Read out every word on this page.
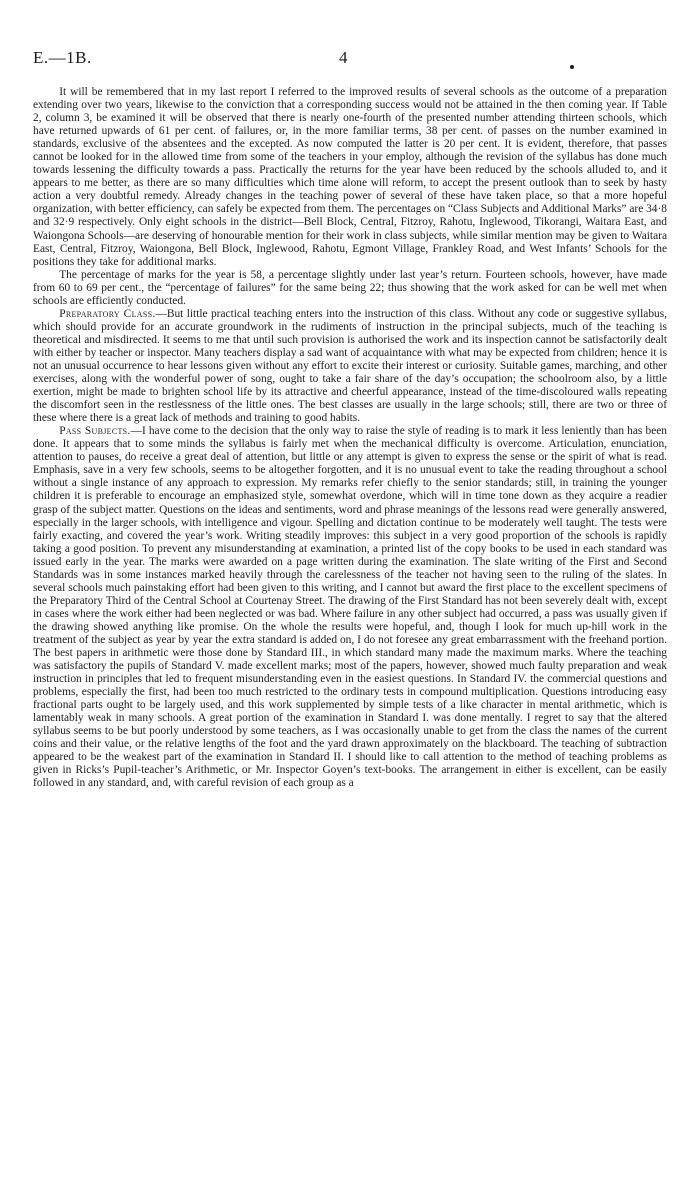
E.—1B.	4

It will be remembered that in my last report I referred to the improved results of several schools as the outcome of a preparation extending over two years, likewise to the conviction that a corresponding success would not be attained in the then coming year. If Table 2, column 3, be examined it will be observed that there is nearly one-fourth of the presented number attending thirteen schools, which have returned upwards of 61 per cent. of failures, or, in the more familiar terms, 38 per cent. of passes on the number examined in standards, exclusive of the absentees and the excepted. As now computed the latter is 20 per cent. It is evident, therefore, that passes cannot be looked for in the allowed time from some of the teachers in your employ, although the revision of the syllabus has done much towards lessening the difficulty towards a pass. Practically the returns for the year have been reduced by the schools alluded to, and it appears to me better, as there are so many difficulties which time alone will reform, to accept the present outlook than to seek by hasty action a very doubtful remedy. Already changes in the teaching power of several of these have taken place, so that a more hopeful organization, with better efficiency, can safely be expected from them. The percentages on “Class Subjects and Additional Marks” are 34·8 and 32·9 respectively. Only eight schools in the district—Bell Block, Central, Fitzroy, Rahotu, Inglewood, Tikorangi, Waitara East, and Waiongona Schools—are deserving of honourable mention for their work in class subjects, while similar mention may be given to Waitara East, Central, Fitzroy, Waiongona, Bell Block, Inglewood, Rahotu, Egmont Village, Frankley Road, and West Infants’ Schools for the positions they take for additional marks.

The percentage of marks for the year is 58, a percentage slightly under last year’s return. Fourteen schools, however, have made from 60 to 69 per cent., the “percentage of failures” for the same being 22; thus showing that the work asked for can be well met when schools are efficiently conducted.

Preparatory Class.—But little practical teaching enters into the instruction of this class. Without any code or suggestive syllabus, which should provide for an accurate groundwork in the rudiments of instruction in the principal subjects, much of the teaching is theoretical and misdirected. It seems to me that until such provision is authorised the work and its inspection cannot be satisfactorily dealt with either by teacher or inspector. Many teachers display a sad want of acquaintance with what may be expected from children; hence it is not an unusual occurrence to hear lessons given without any effort to excite their interest or curiosity. Suitable games, marching, and other exercises, along with the wonderful power of song, ought to take a fair share of the day’s occupation; the schoolroom also, by a little exertion, might be made to brighten school life by its attractive and cheerful appearance, instead of the time-discoloured walls repeating the discomfort seen in the restlessness of the little ones. The best classes are usually in the large schools; still, there are two or three of these where there is a great lack of methods and training to good habits.

Pass Subjects.—I have come to the decision that the only way to raise the style of reading is to mark it less leniently than has been done. It appears that to some minds the syllabus is fairly met when the mechanical difficulty is overcome. Articulation, enunciation, attention to pauses, do receive a great deal of attention, but little or any attempt is given to express the sense or the spirit of what is read. Emphasis, save in a very few schools, seems to be altogether forgotten, and it is no unusual event to take the reading throughout a school without a single instance of any approach to expression. My remarks refer chiefly to the senior standards; still, in training the younger children it is preferable to encourage an emphasized style, somewhat overdone, which will in time tone down as they acquire a readier grasp of the subject matter. Questions on the ideas and sentiments, word and phrase meanings of the lessons read were generally answered, especially in the larger schools, with intelligence and vigour. Spelling and dictation continue to be moderately well taught. The tests were fairly exacting, and covered the year’s work. Writing steadily improves: this subject in a very good proportion of the schools is rapidly taking a good position. To prevent any misunderstanding at examination, a printed list of the copy books to be used in each standard was issued early in the year. The marks were awarded on a page written during the examination. The slate writing of the First and Second Standards was in some instances marked heavily through the carelessness of the teacher not having seen to the ruling of the slates. In several schools much painstaking effort had been given to this writing, and I cannot but award the first place to the excellent specimens of the Preparatory Third of the Central School at Courtenay Street. The drawing of the First Standard has not been severely dealt with, except in cases where the work either had been neglected or was bad. Where failure in any other subject had occurred, a pass was usually given if the drawing showed anything like promise. On the whole the results were hopeful, and, though I look for much up-hill work in the treatment of the subject as year by year the extra standard is added on, I do not foresee any great embarrassment with the freehand portion. The best papers in arithmetic were those done by Standard III., in which standard many made the maximum marks. Where the teaching was satisfactory the pupils of Standard V. made excellent marks; most of the papers, however, showed much faulty preparation and weak instruction in principles that led to frequent misunderstanding even in the easiest questions. In Standard IV. the commercial questions and problems, especially the first, had been too much restricted to the ordinary tests in compound multiplication. Questions introducing easy fractional parts ought to be largely used, and this work supplemented by simple tests of a like character in mental arithmetic, which is lamentably weak in many schools. A great portion of the examination in Standard I. was done mentally. I regret to say that the altered syllabus seems to be but poorly understood by some teachers, as I was occasionally unable to get from the class the names of the current coins and their value, or the relative lengths of the foot and the yard drawn approximately on the blackboard. The teaching of subtraction appeared to be the weakest part of the examination in Standard II. I should like to call attention to the method of teaching problems as given in Ricks’s Pupil-teacher’s Arithmetic, or Mr. Inspector Goyen’s text-books. The arrangement in either is excellent, can be easily followed in any standard, and, with careful revision of each group as a
